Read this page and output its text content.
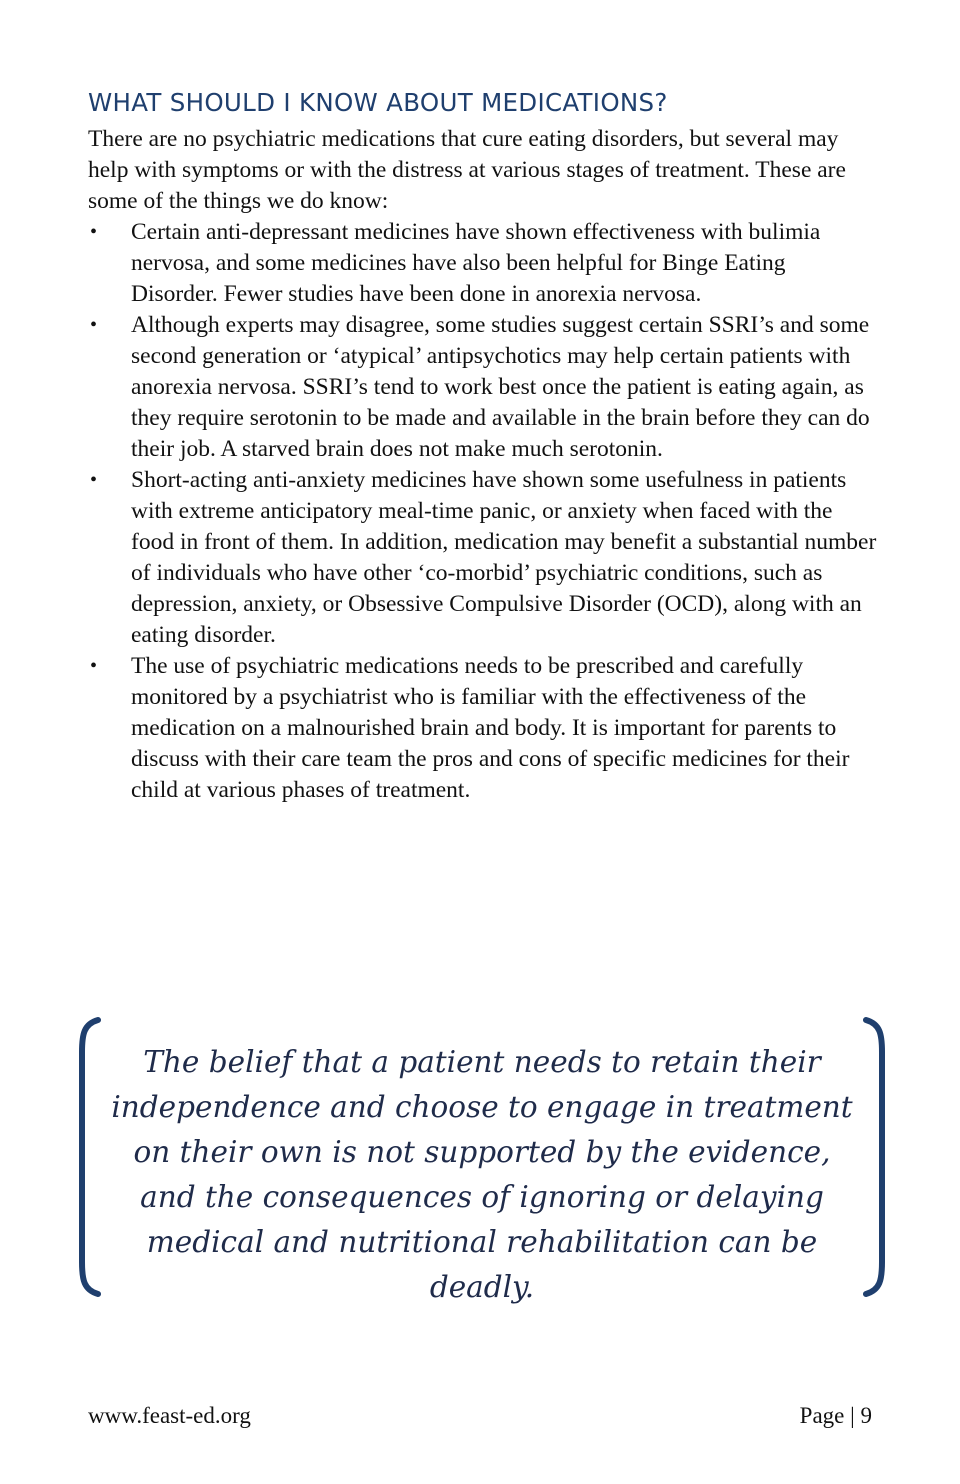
WHAT SHOULD I KNOW ABOUT MEDICATIONS?

There are no psychiatric medications that cure eating disorders, but several may help with symptoms or with the distress at various stages of treatment. These are some of the things we do know:

• Certain anti-depressant medicines have shown effectiveness with bulimia nervosa, and some medicines have also been helpful for Binge Eating Disorder. Fewer studies have been done in anorexia nervosa.
• Although experts may disagree, some studies suggest certain SSRI’s and some second generation or ‘atypical’ antipsychotics may help certain patients with anorexia nervosa. SSRI’s tend to work best once the patient is eating again, as they require serotonin to be made and available in the brain before they can do their job. A starved brain does not make much serotonin.
• Short-acting anti-anxiety medicines have shown some usefulness in patients with extreme anticipatory meal-time panic, or anxiety when faced with the food in front of them. In addition, medication may benefit a substantial number of individuals who have other ‘co-morbid’ psychiatric conditions, such as depression, anxiety, or Obsessive Compulsive Disorder (OCD), along with an eating disorder.
• The use of psychiatric medications needs to be prescribed and carefully monitored by a psychiatrist who is familiar with the effectiveness of the medication on a malnourished brain and body. It is important for parents to discuss with their care team the pros and cons of specific medicines for their child at various phases of treatment.

The belief that a patient needs to retain their independence and choose to engage in treatment on their own is not supported by the evidence, and the consequences of ignoring or delaying medical and nutritional rehabilitation can be deadly.

www.feast-ed.org	Page | 9
